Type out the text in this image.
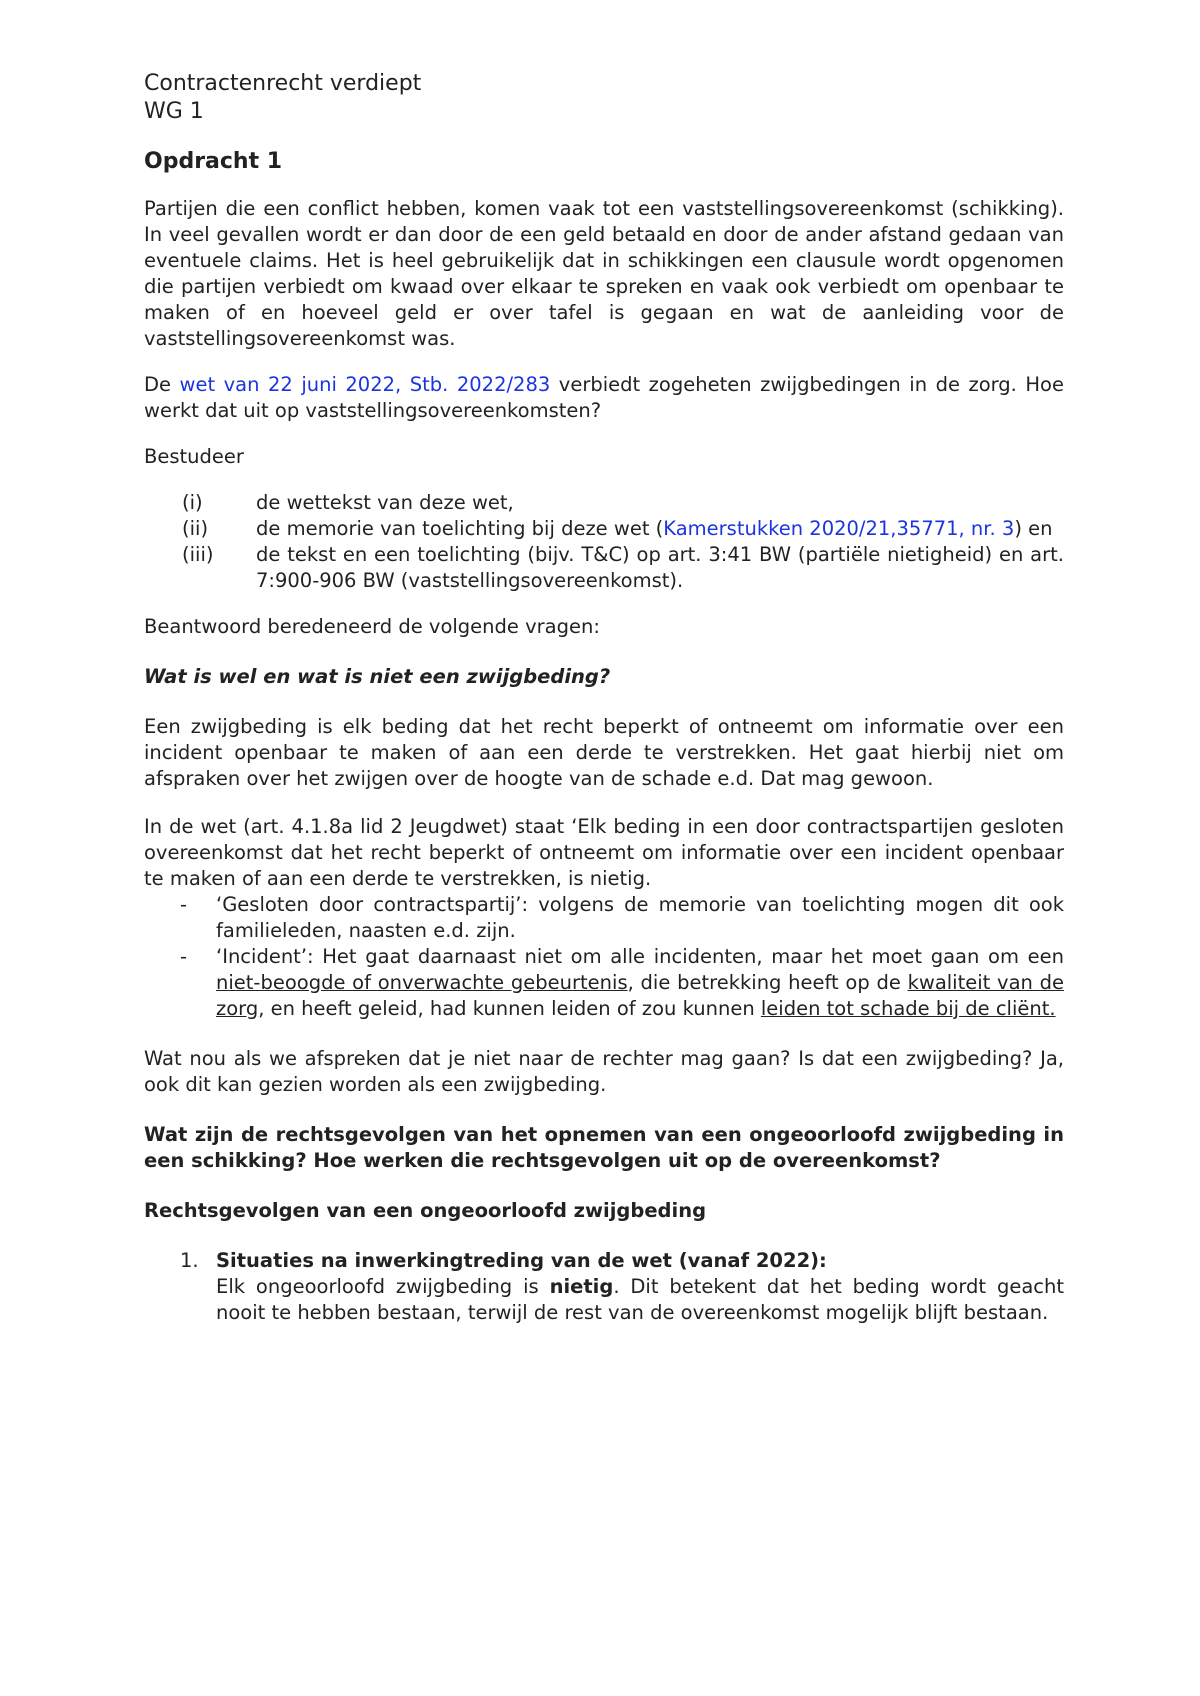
Contractenrecht verdiept

WG 1

Opdracht 1

Partijen die een conflict hebben, komen vaak tot een vaststellingsovereenkomst (schikking). In veel gevallen wordt er dan door de een geld betaald en door de ander afstand gedaan van eventuele claims. Het is heel gebruikelijk dat in schikkingen een clausule wordt opgenomen die partijen verbiedt om kwaad over elkaar te spreken en vaak ook verbiedt om openbaar te maken of en hoeveel geld er over tafel is gegaan en wat de aanleiding voor de vaststellingsovereenkomst was.

De wet van 22 juni 2022, Stb. 2022/283 verbiedt zogeheten zwijgbedingen in de zorg. Hoe werkt dat uit op vaststellingsovereenkomsten?

Bestudeer

(i)	de wettekst van deze wet,
(ii)	de memorie van toelichting bij deze wet (Kamerstukken 2020/21,35771, nr. 3) en
(iii)	de tekst en een toelichting (bijv. T&C) op art. 3:41 BW (partiële nietigheid) en art. 7:900-906 BW (vaststellingsovereenkomst).

Beantwoord beredeneerd de volgende vragen:

Wat is wel en wat is niet een zwijgbeding?

Een zwijgbeding is elk beding dat het recht beperkt of ontneemt om informatie over een incident openbaar te maken of aan een derde te verstrekken. Het gaat hierbij niet om afspraken over het zwijgen over de hoogte van de schade e.d. Dat mag gewoon.

In de wet (art. 4.1.8a lid 2 Jeugdwet) staat ‘Elk beding in een door contractspartijen gesloten overeenkomst dat het recht beperkt of ontneemt om informatie over een incident openbaar te maken of aan een derde te verstrekken, is nietig.

-	‘Gesloten door contractspartij’: volgens de memorie van toelichting mogen dit ook familieleden, naasten e.d. zijn.
-	‘Incident’: Het gaat daarnaast niet om alle incidenten, maar het moet gaan om een niet-beoogde of onverwachte gebeurtenis, die betrekking heeft op de kwaliteit van de zorg, en heeft geleid, had kunnen leiden of zou kunnen leiden tot schade bij de cliënt.

Wat nou als we afspreken dat je niet naar de rechter mag gaan? Is dat een zwijgbeding? Ja, ook dit kan gezien worden als een zwijgbeding.

Wat zijn de rechtsgevolgen van het opnemen van een ongeoorloofd zwijgbeding in een schikking? Hoe werken die rechtsgevolgen uit op de overeenkomst?

Rechtsgevolgen van een ongeoorloofd zwijgbeding

1. Situaties na inwerkingtreding van de wet (vanaf 2022):
Elk ongeoorloofd zwijgbeding is nietig. Dit betekent dat het beding wordt geacht nooit te hebben bestaan, terwijl de rest van de overeenkomst mogelijk blijft bestaan.
